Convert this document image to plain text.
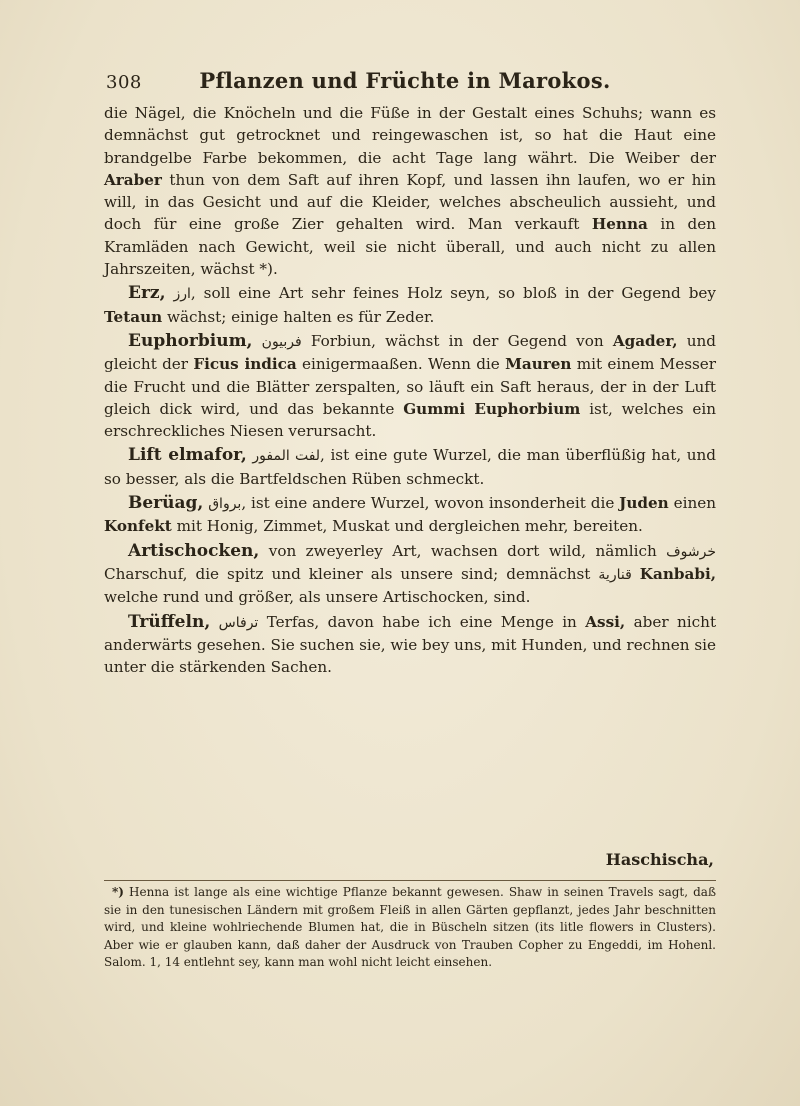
308	Pflanzen und Früchte in Marokos.

die Nägel, die Knöcheln und die Füße in der Gestalt eines Schuhs; wann es demnächst gut getrocknet und reingewaschen ist, so hat die Haut eine brandgelbe Farbe bekommen, die acht Tage lang währt. Die Weiber der Araber thun von dem Saft auf ihren Kopf, und lassen ihn laufen, wo er hin will, in das Gesicht und auf die Kleider, welches abscheulich aussieht, und doch für eine große Zier gehalten wird. Man verkauft Henna in den Kramläden nach Gewicht, weil sie nicht überall, und auch nicht zu allen Jahrszeiten, wächst *).

Erz, ارز, soll eine Art sehr feines Holz seyn, so bloß in der Gegend bey Tetaun wächst; einige halten es für Zeder.

Euphorbium, فربيون Forbiun, wächst in der Gegend von Agader, und gleicht der Ficus indica einigermaaßen. Wenn die Mauren mit einem Messer die Frucht und die Blätter zerspalten, so läuft ein Saft heraus, der in der Luft gleich dick wird, und das bekannte Gummi Euphorbium ist, welches ein erschreckliches Niesen verursacht.

Lift elmafor, لفت المفور, ist eine gute Wurzel, die man überflüßig hat, und so besser, als die Bartfeldschen Rüben schmeckt.

Berüag, برواق, ist eine andere Wurzel, wovon insonderheit die Juden einen Konfekt mit Honig, Zimmet, Muskat und dergleichen mehr, bereiten.

Artischocken, von zweyerley Art, wachsen dort wild, nämlich خرشوف Charschuf, die spitz und kleiner als unsere sind; demnächst قنارية Kanbabi, welche rund und größer, als unsere Artischocken, sind.

Trüffeln, ترفاس Terfas, davon habe ich eine Menge in Assi, aber nicht anderwärts gesehen. Sie suchen sie, wie bey uns, mit Hunden, und rechnen sie unter die stärkenden Sachen.

Haschischa,

*) Henna ist lange als eine wichtige Pflanze bekannt gewesen. Shaw in seinen Travels sagt, daß sie in den tunesischen Ländern mit großem Fleiß in allen Gärten gepflanzt, jedes Jahr beschnitten wird, und kleine wohlriechende Blumen hat, die in Büscheln sitzen (its litle flowers in Clusters). Aber wie er glauben kann, daß daher der Ausdruck von Trauben Copher zu Engeddi, im Hohenl. Salom. 1, 14 entlehnt sey, kann man wohl nicht leicht einsehen.
